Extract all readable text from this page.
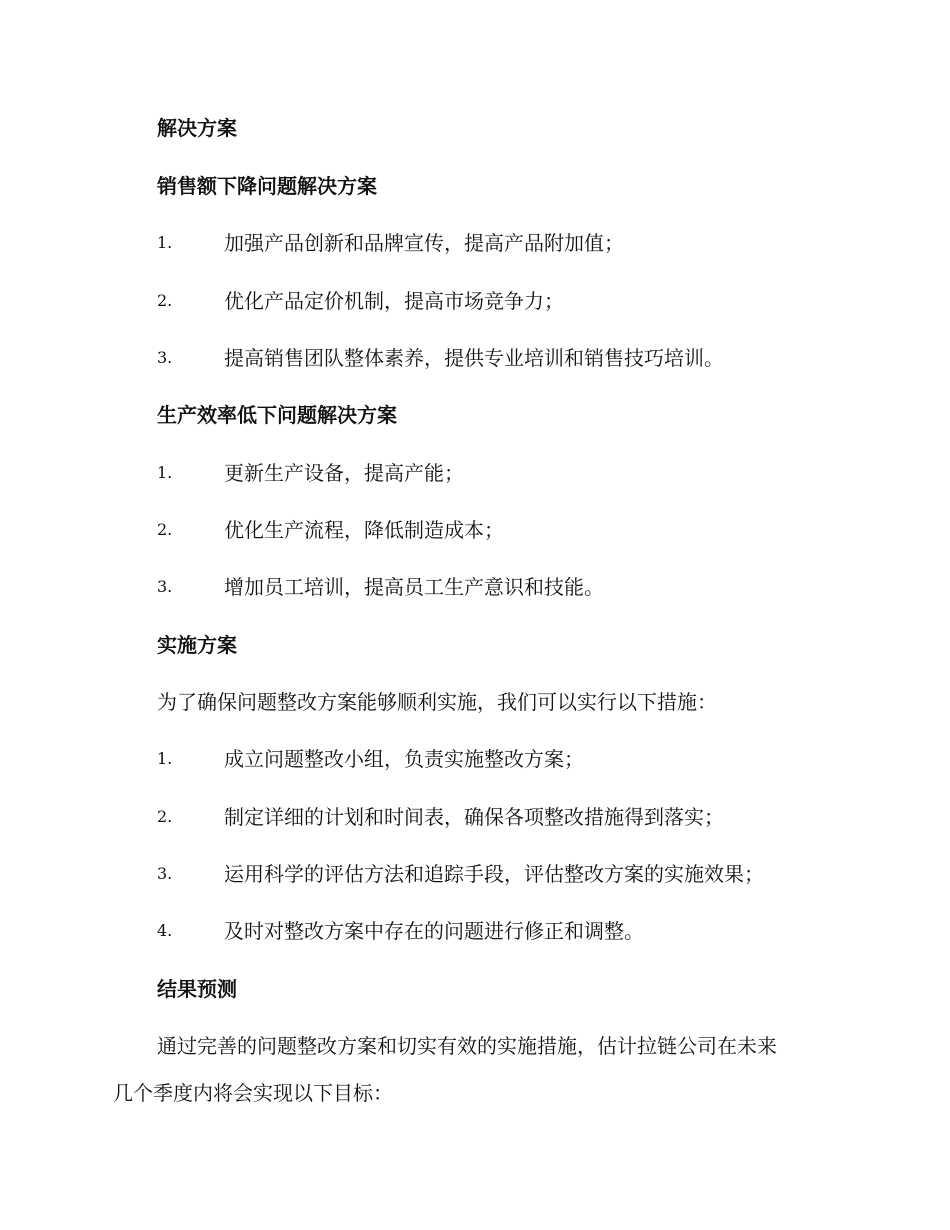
解决方案
销售额下降问题解决方案
1.	加强产品创新和品牌宣传，提高产品附加值；
2.	优化产品定价机制，提高市场竞争力；
3.	提高销售团队整体素养，提供专业培训和销售技巧培训。
生产效率低下问题解决方案
1.	更新生产设备，提高产能；
2.	优化生产流程，降低制造成本；
3.	增加员工培训，提高员工生产意识和技能。
实施方案
为了确保问题整改方案能够顺利实施，我们可以实行以下措施：
1.	成立问题整改小组，负责实施整改方案；
2.	制定详细的计划和时间表，确保各项整改措施得到落实；
3.	运用科学的评估方法和追踪手段，评估整改方案的实施效果；
4.	及时对整改方案中存在的问题进行修正和调整。
结果预测
通过完善的问题整改方案和切实有效的实施措施，估计拉链公司在未来
几个季度内将会实现以下目标：
